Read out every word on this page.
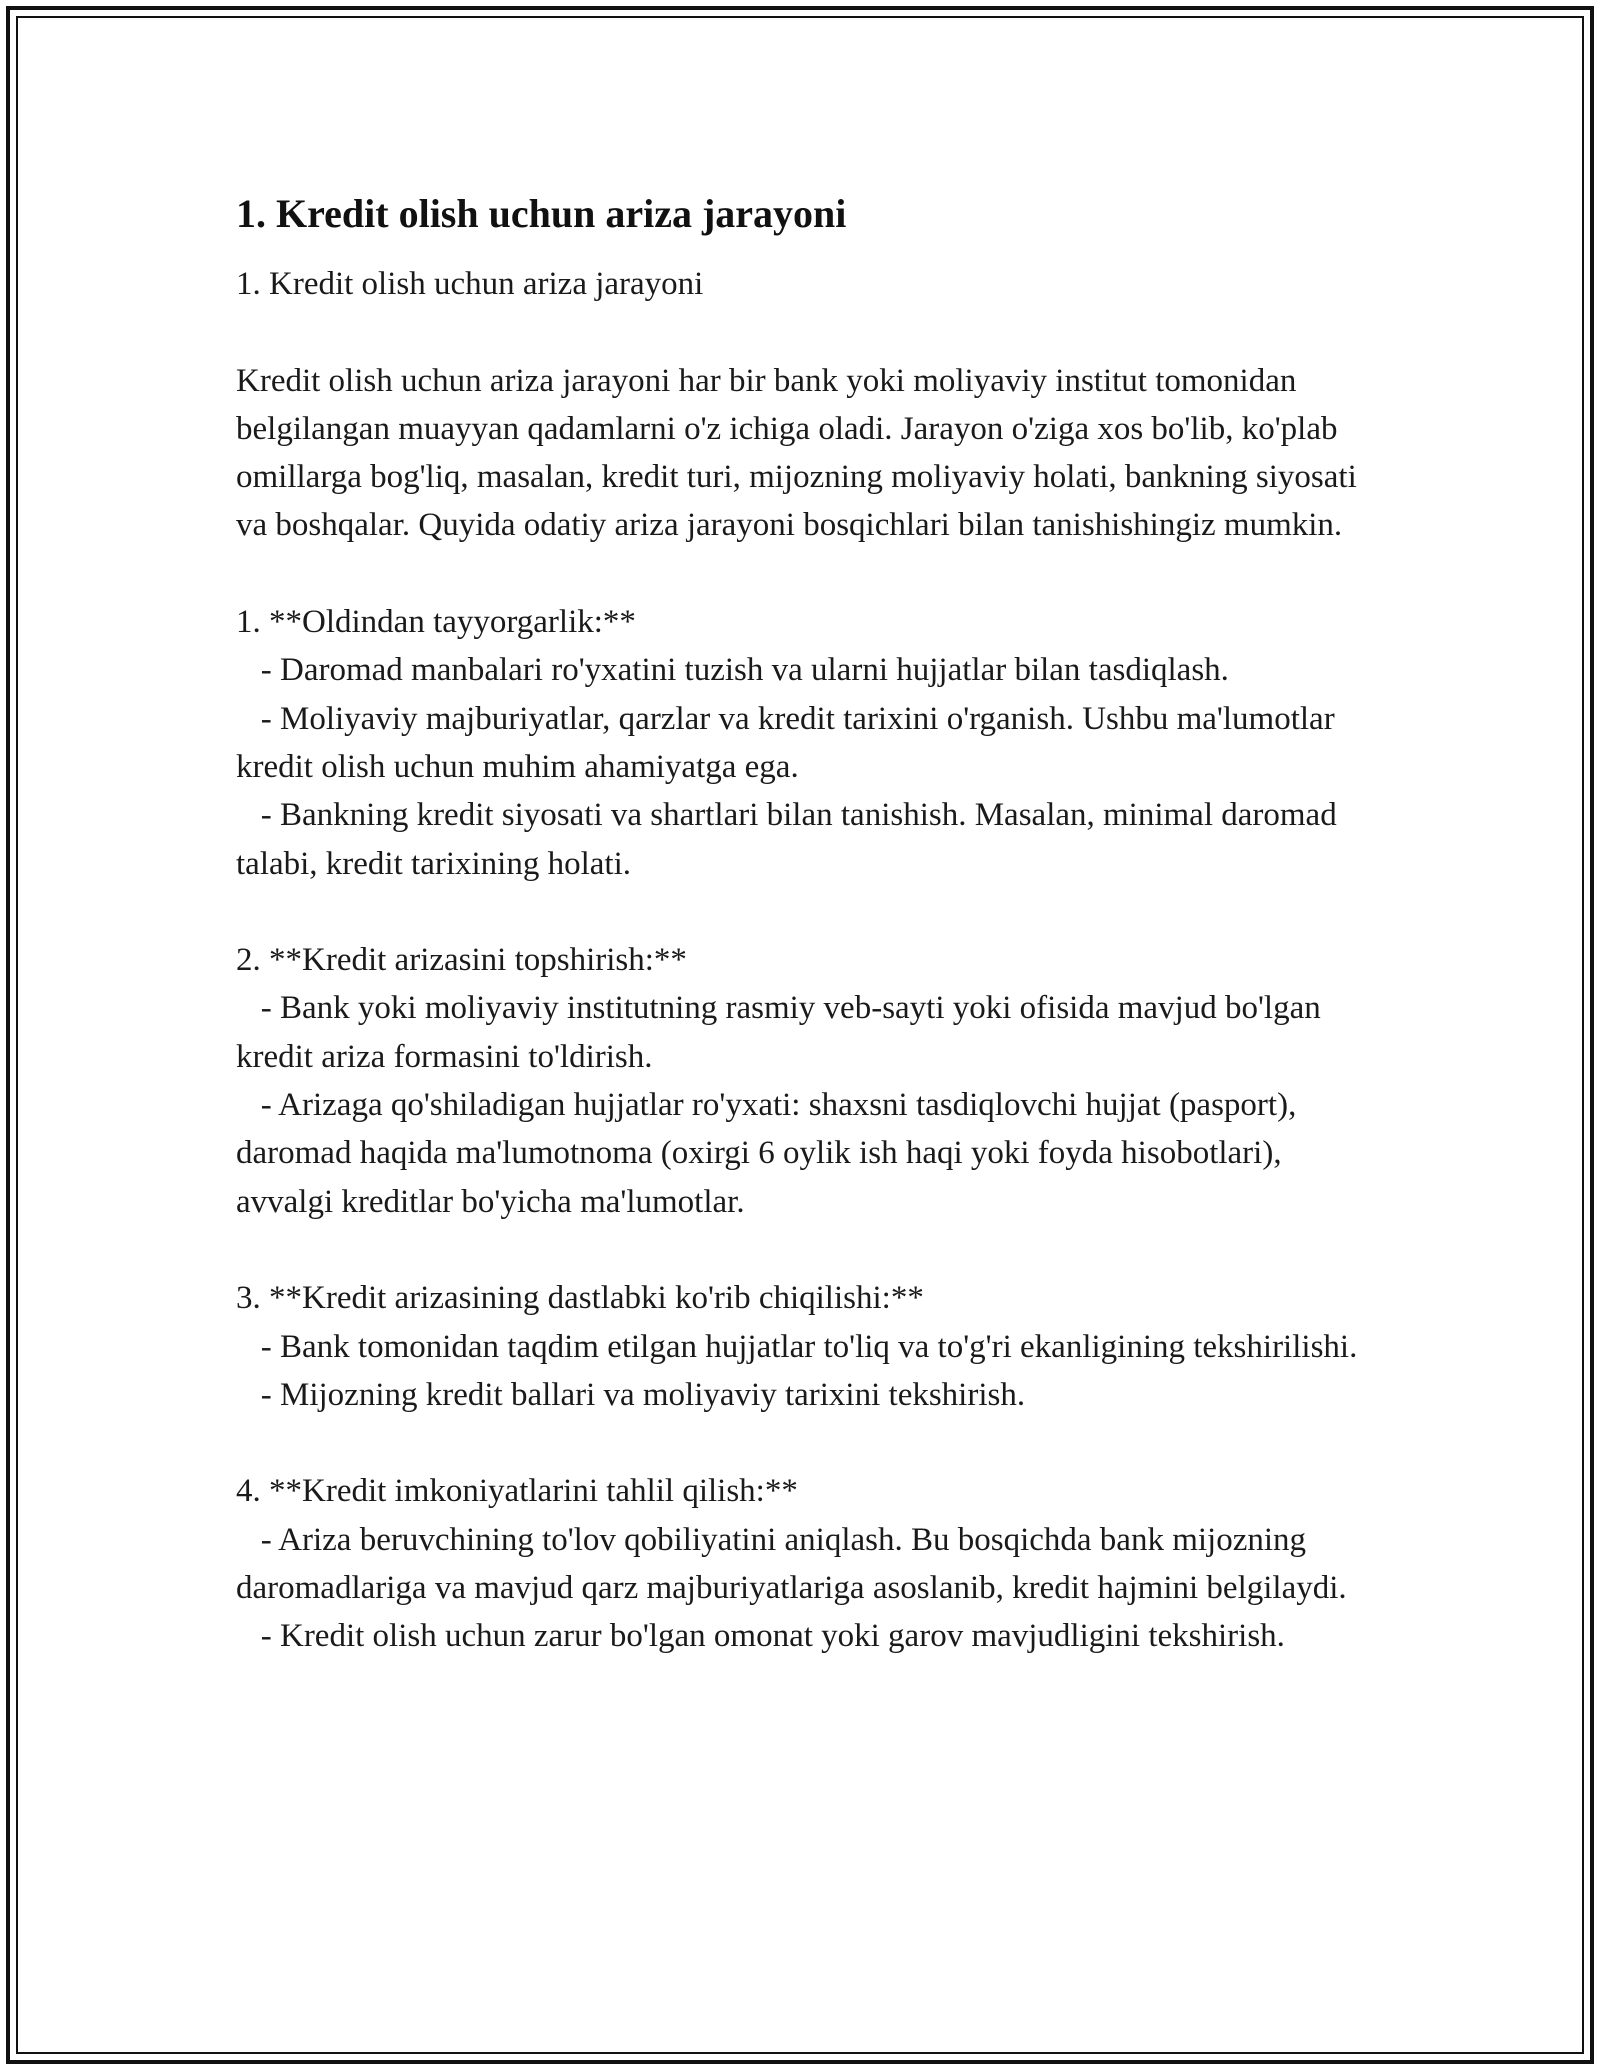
1. Kredit olish uchun ariza jarayoni

1. Kredit olish uchun ariza jarayoni

Kredit olish uchun ariza jarayoni har bir bank yoki moliyaviy institut tomonidan belgilangan muayyan qadamlarni o'z ichiga oladi. Jarayon o'ziga xos bo'lib, ko'plab omillarga bog'liq, masalan, kredit turi, mijozning moliyaviy holati, bankning siyosati va boshqalar. Quyida odatiy ariza jarayoni bosqichlari bilan tanishishingiz mumkin.

1. **Oldindan tayyorgarlik:**

- Daromad manbalari ro'yxatini tuzish va ularni hujjatlar bilan tasdiqlash.

- Moliyaviy majburiyatlar, qarzlar va kredit tarixini o'rganish. Ushbu ma'lumotlar kredit olish uchun muhim ahamiyatga ega.

- Bankning kredit siyosati va shartlari bilan tanishish. Masalan, minimal daromad talabi, kredit tarixining holati.

2. **Kredit arizasini topshirish:**

- Bank yoki moliyaviy institutning rasmiy veb-sayti yoki ofisida mavjud bo'lgan kredit ariza formasini to'ldirish.

- Arizaga qo'shiladigan hujjatlar ro'yxati: shaxsni tasdiqlovchi hujjat (pasport), daromad haqida ma'lumotnoma (oxirgi 6 oylik ish haqi yoki foyda hisobotlari), avvalgi kreditlar bo'yicha ma'lumotlar.

3. **Kredit arizasining dastlabki ko'rib chiqilishi:**

- Bank tomonidan taqdim etilgan hujjatlar to'liq va to'g'ri ekanligining tekshirilishi.

- Mijozning kredit ballari va moliyaviy tarixini tekshirish.

4. **Kredit imkoniyatlarini tahlil qilish:**

- Ariza beruvchining to'lov qobiliyatini aniqlash. Bu bosqichda bank mijozning daromadlariga va mavjud qarz majburiyatlariga asoslanib, kredit hajmini belgilaydi.

- Kredit olish uchun zarur bo'lgan omonat yoki garov mavjudligini tekshirish.
